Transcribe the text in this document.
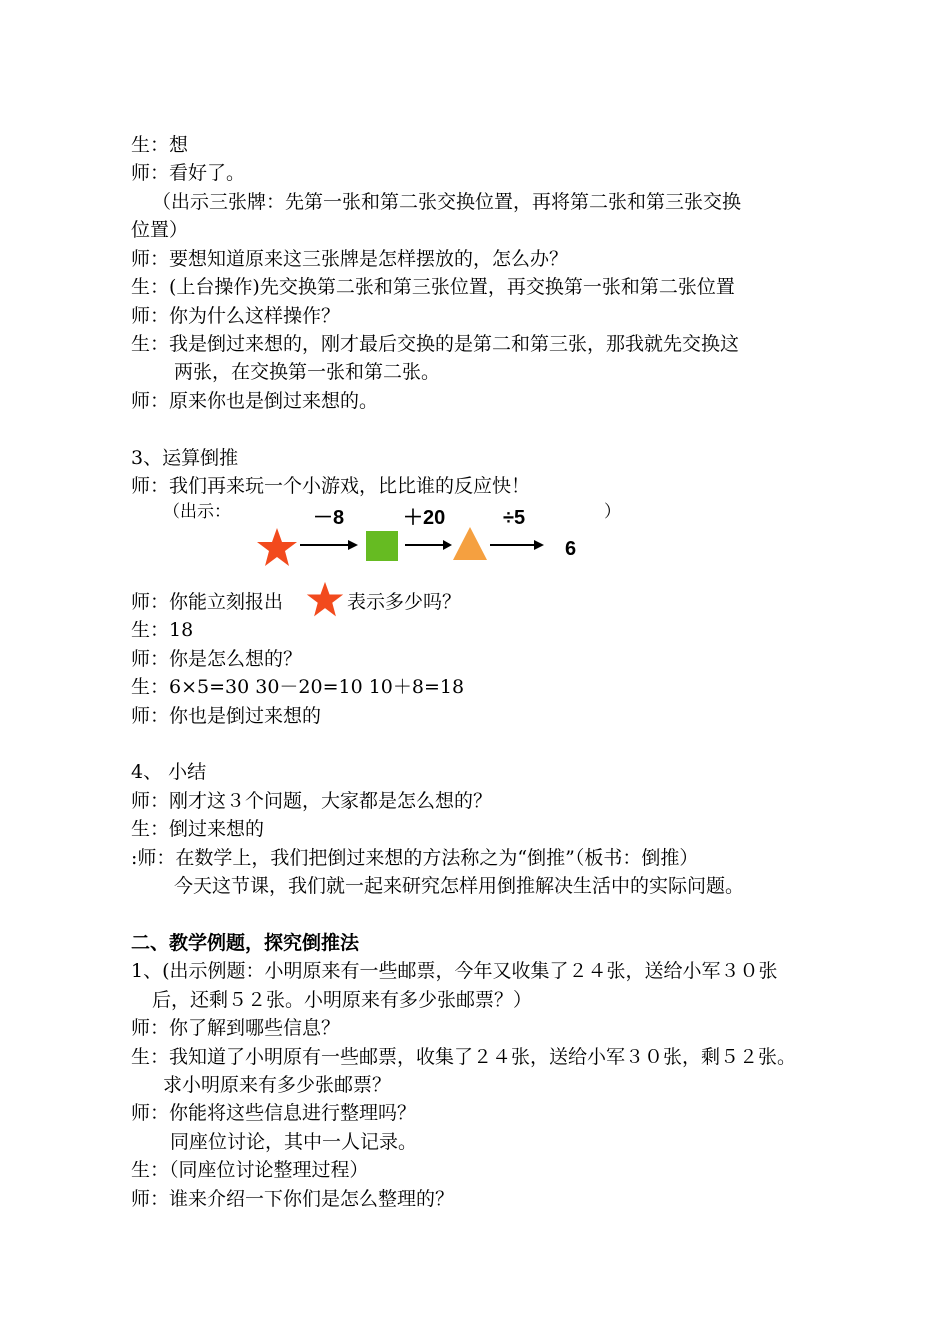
生：想
师：看好了。
（出示三张牌：先第一张和第二张交换位置，再将第二张和第三张交换
位置）
师：要想知道原来这三张牌是怎样摆放的，怎么办？
生：(上台操作)先交换第二张和第三张位置，再交换第一张和第二张位置
师：你为什么这样操作？
生：我是倒过来想的，刚才最后交换的是第二和第三张，那我就先交换这
两张，在交换第一张和第二张。
师：原来你也是倒过来想的。
3、运算倒推
师：我们再来玩一个小游戏，比比谁的反应快！
（出示：	）
－8	＋20	÷5
6
师：你能立刻报出	表示多少吗？
生：18
师：你是怎么想的？
生：6×5=30 30－20=10 10＋8=18
师：你也是倒过来想的
4、 小结
师：刚才这３个问题，大家都是怎么想的？
生：倒过来想的
:师：在数学上，我们把倒过来想的方法称之为“倒推”（板书：倒推）
今天这节课，我们就一起来研究怎样用倒推解决生活中的实际问题。
二、教学例题，探究倒推法
1、(出示例题：小明原来有一些邮票，今年又收集了２４张，送给小军３０张
后，还剩５２张。小明原来有多少张邮票？）
师：你了解到哪些信息？
生：我知道了小明原有一些邮票，收集了２４张，送给小军３０张，剩５２张。
求小明原来有多少张邮票？
师：你能将这些信息进行整理吗？
同座位讨论，其中一人记录。
生：（同座位讨论整理过程）
师：谁来介绍一下你们是怎么整理的？
